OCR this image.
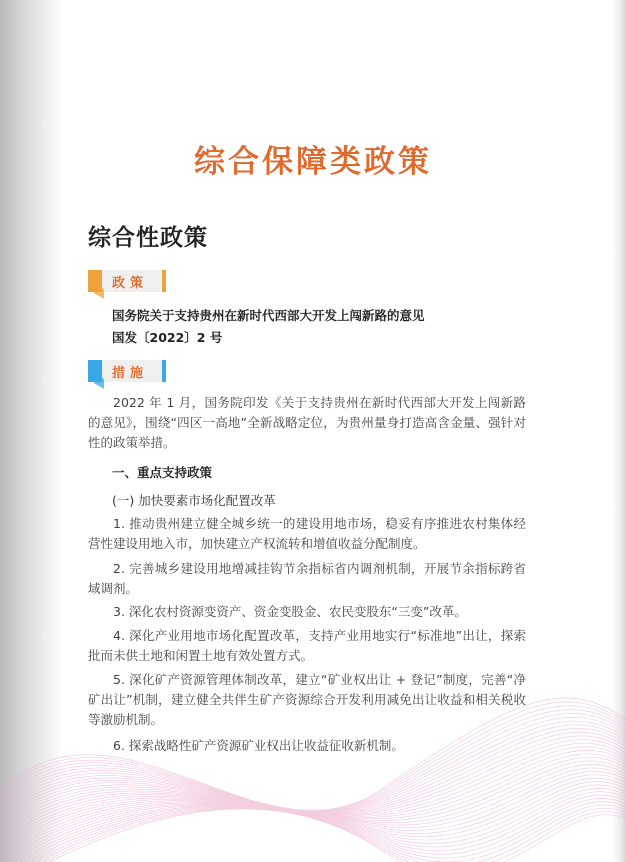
综合保障类政策
综合性政策
政策
国务院关于支持贵州在新时代西部大开发上闯新路的意见
国发〔2022〕2 号
措施

2022 年 1 月，国务院印发《关于支持贵州在新时代西部大开发上闯新路的意见》，围绕“四区一高地”全新战略定位，为贵州量身打造高含金量、强针对性的政策举措。

一、重点支持政策
(一) 加快要素市场化配置改革

1. 推动贵州建立健全城乡统一的建设用地市场，稳妥有序推进农村集体经营性建设用地入市，加快建立产权流转和增值收益分配制度。

2. 完善城乡建设用地增减挂钩节余指标省内调剂机制，开展节余指标跨省域调剂。

3. 深化农村资源变资产、资金变股金、农民变股东“三变”改革。

4. 深化产业用地市场化配置改革，支持产业用地实行“标准地”出让，探索批而未供土地和闲置土地有效处置方式。

5. 深化矿产资源管理体制改革，建立“矿业权出让 + 登记”制度，完善“净矿出让”机制，建立健全共伴生矿产资源综合开发利用减免出让收益和相关税收等激励机制。

6. 探索战略性矿产资源矿业权出让收益征收新机制。
